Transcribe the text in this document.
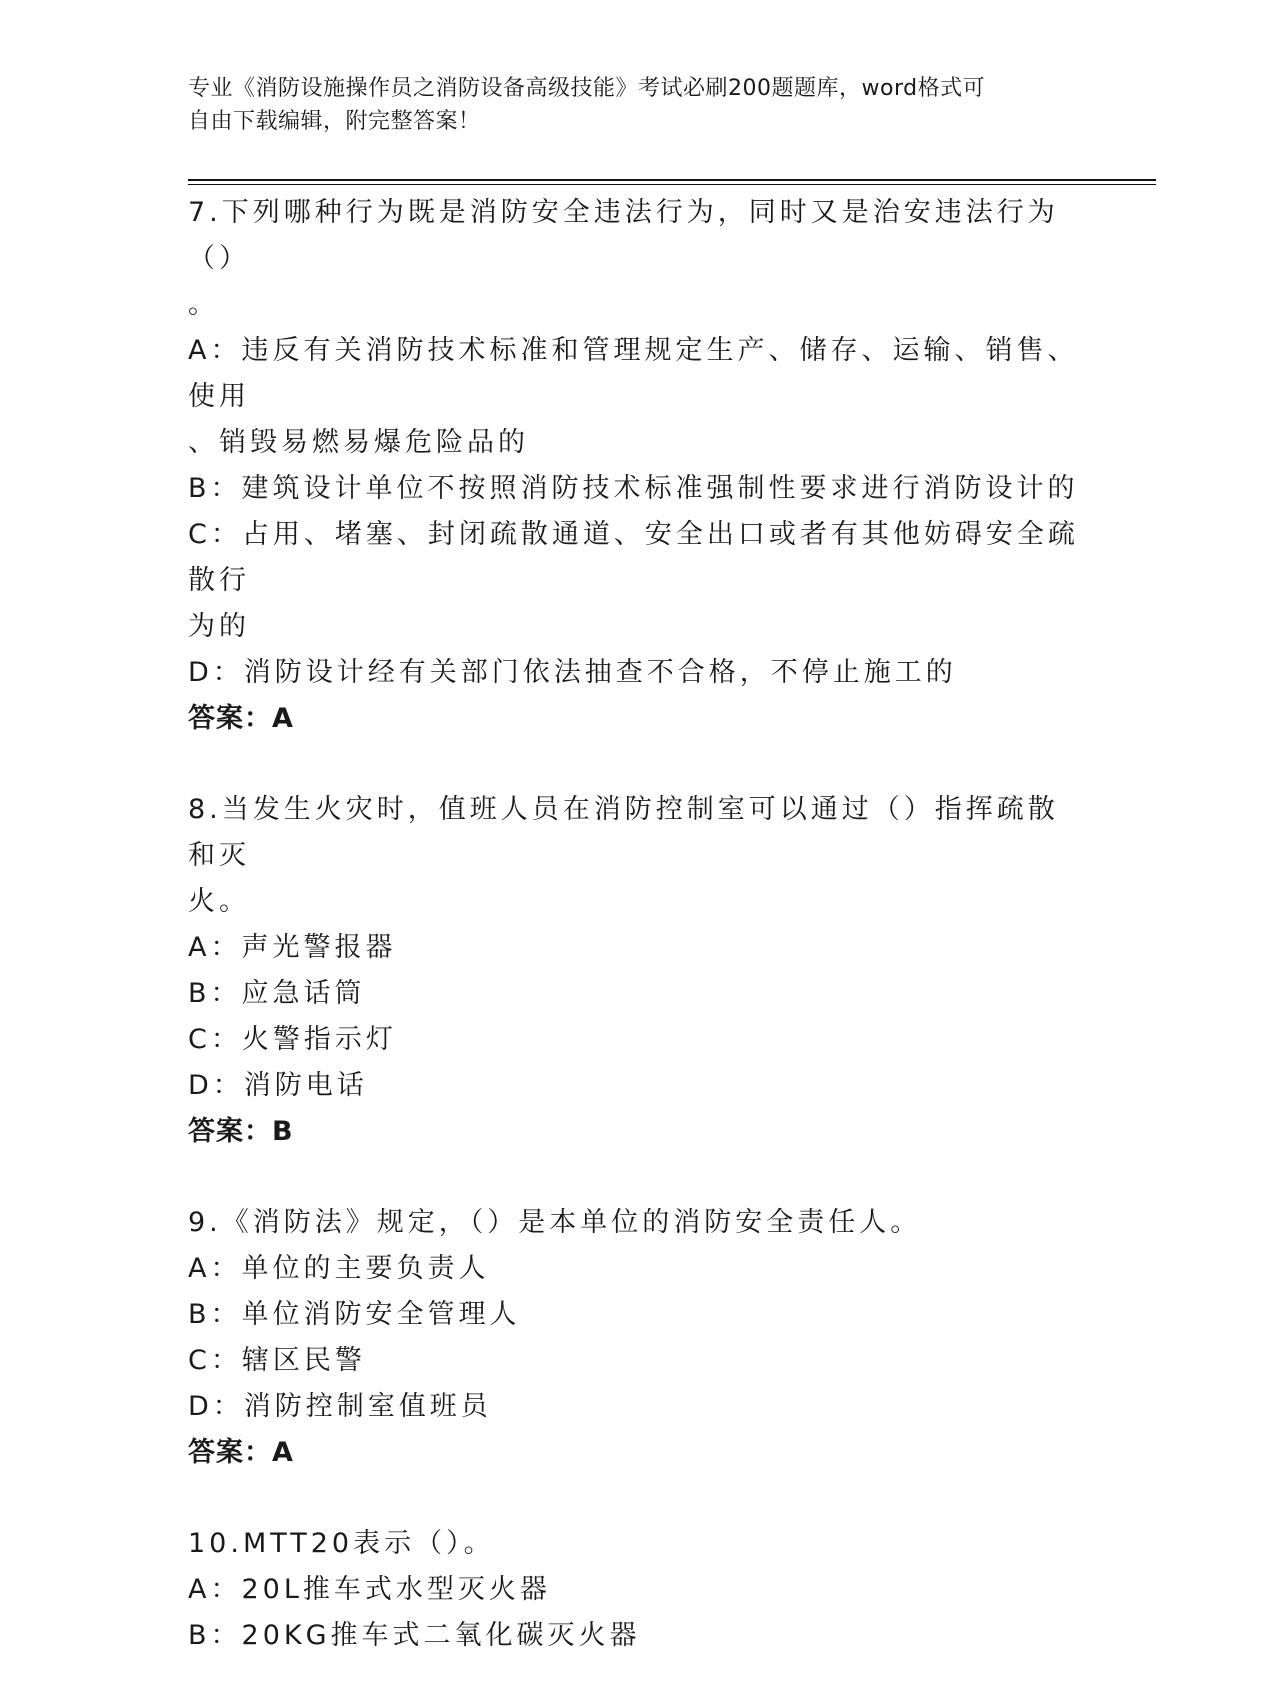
专业《消防设施操作员之消防设备高级技能》考试必刷200题题库，word格式可
自由下载编辑，附完整答案！
7.下列哪种行为既是消防安全违法行为，同时又是治安违法行为（）
。
A：违反有关消防技术标准和管理规定生产、储存、运输、销售、使用
、销毁易燃易爆危险品的
B：建筑设计单位不按照消防技术标准强制性要求进行消防设计的
C：占用、堵塞、封闭疏散通道、安全出口或者有其他妨碍安全疏散行
为的
D：消防设计经有关部门依法抽查不合格，不停止施工的
答案：A
8.当发生火灾时，值班人员在消防控制室可以通过（）指挥疏散和灭
火。
A：声光警报器
B：应急话筒
C：火警指示灯
D：消防电话
答案：B
9.《消防法》规定，（）是本单位的消防安全责任人。
A：单位的主要负责人
B：单位消防安全管理人
C：辖区民警
D：消防控制室值班员
答案：A
10.MTT20表示（）。
A：20L推车式水型灭火器
B：20KG推车式二氧化碳灭火器
